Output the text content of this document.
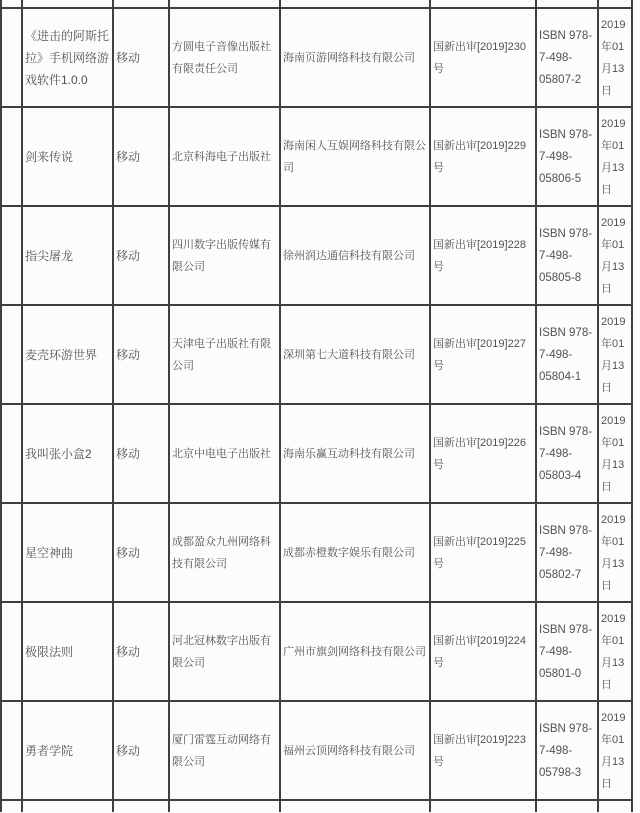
	《进击的阿斯托拉》手机网络游戏软件1.0.0	移动	方圆电子音像出版社有限责任公司	海南页游网络科技有限公司	国新出审[2019]230号	ISBN 978-7-498-05807-2	2019年01月13日
	剑来传说	移动	北京科海电子出版社	海南闲人互娱网络科技有限公司	国新出审[2019]229号	ISBN 978-7-498-05806-5	2019年01月13日
	指尖屠龙	移动	四川数字出版传媒有限公司	徐州润达通信科技有限公司	国新出审[2019]228号	ISBN 978-7-498-05805-8	2019年01月13日
	麦壳环游世界	移动	天津电子出版社有限公司	深圳第七大道科技有限公司	国新出审[2019]227号	ISBN 978-7-498-05804-1	2019年01月13日
	我叫张小盒2	移动	北京中电电子出版社	海南乐赢互动科技有限公司	国新出审[2019]226号	ISBN 978-7-498-05803-4	2019年01月13日
	星空神曲	移动	成都盈众九州网络科技有限公司	成都赤橙数字娱乐有限公司	国新出审[2019]225号	ISBN 978-7-498-05802-7	2019年01月13日
	极限法则	移动	河北冠林数字出版有限公司	广州市旗剑网络科技有限公司	国新出审[2019]224号	ISBN 978-7-498-05801-0	2019年01月13日
	勇者学院	移动	厦门雷霆互动网络有限公司	福州云顶网络科技有限公司	国新出审[2019]223号	ISBN 978-7-498-05798-3	2019年01月13日
